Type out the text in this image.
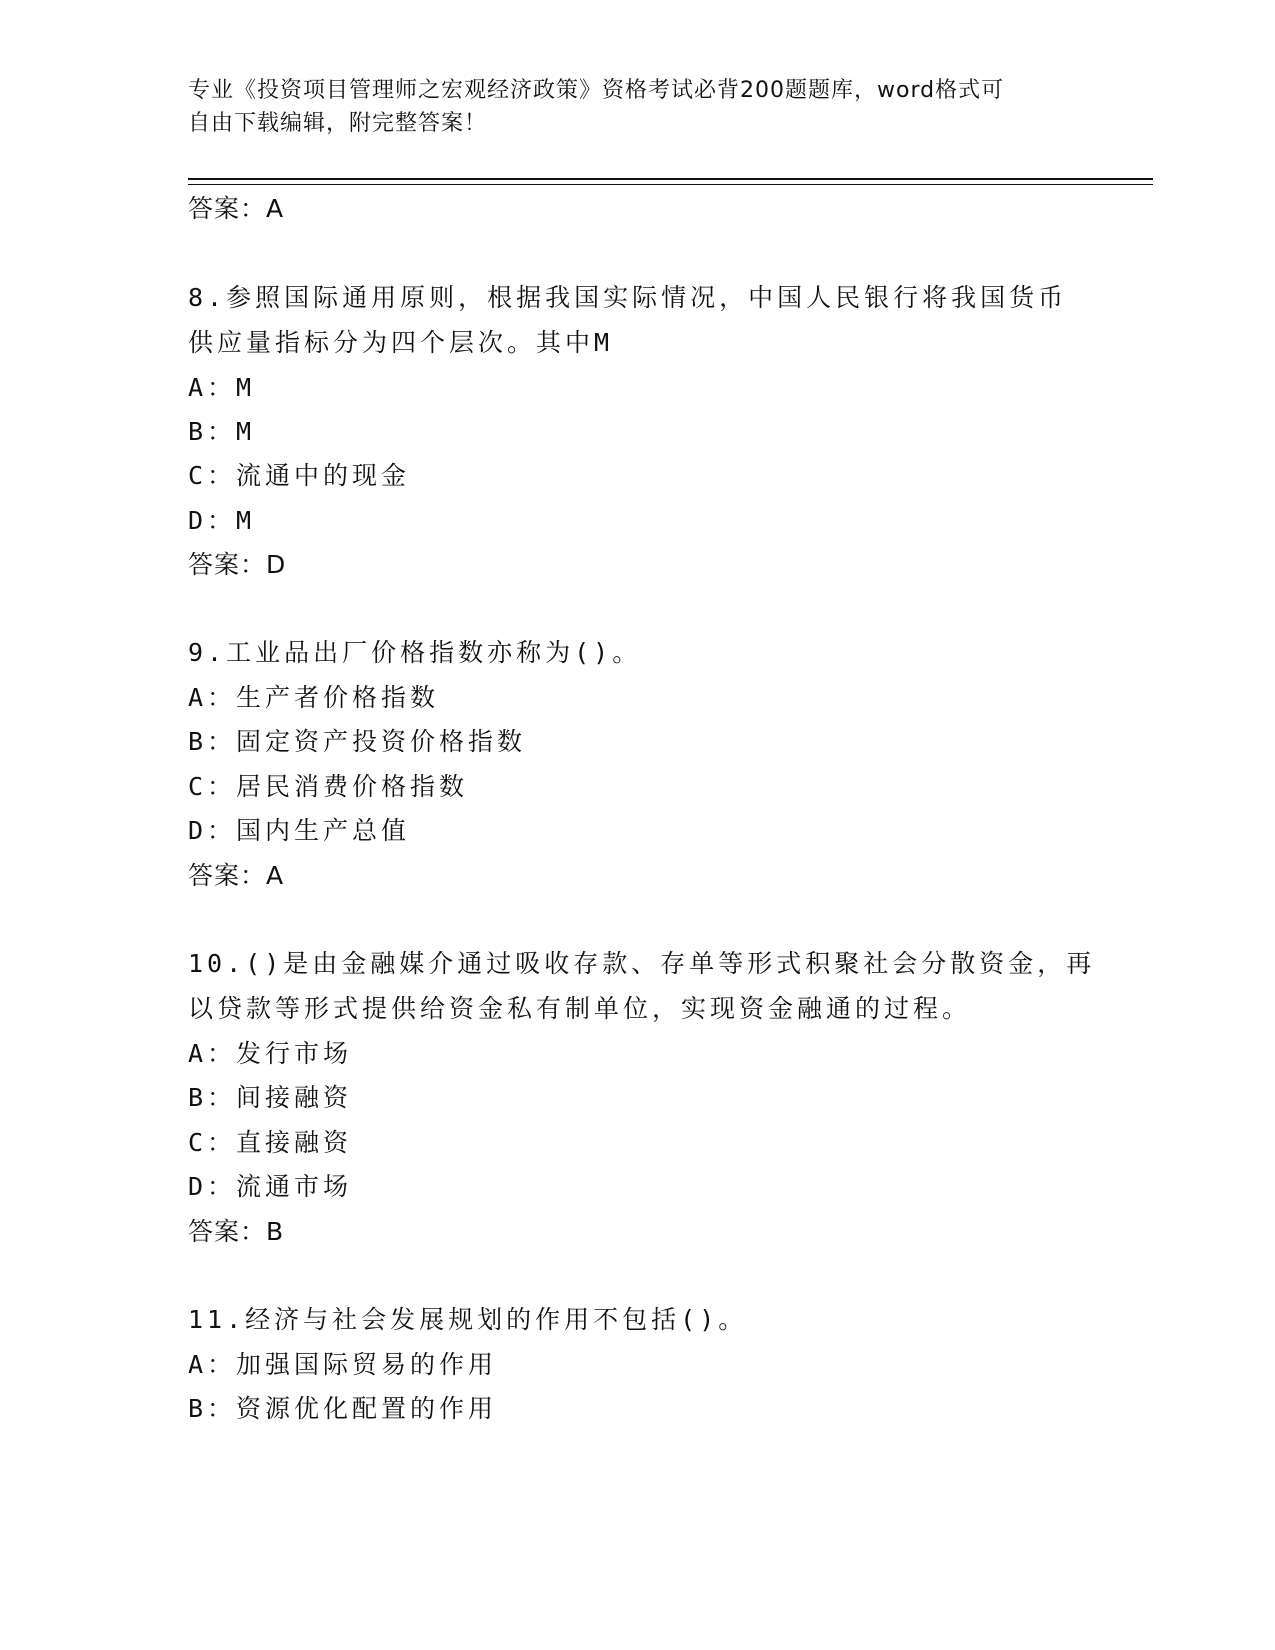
专业《投资项目管理师之宏观经济政策》资格考试必背200题题库，word格式可
自由下载编辑，附完整答案！
答案：A
8.参照国际通用原则，根据我国实际情况，中国人民银行将我国货币
供应量指标分为四个层次。其中M
A：M
B：M
C：流通中的现金
D：M
答案：D
9.工业品出厂价格指数亦称为()。
A：生产者价格指数
B：固定资产投资价格指数
C：居民消费价格指数
D：国内生产总值
答案：A
10.()是由金融媒介通过吸收存款、存单等形式积聚社会分散资金，再
以贷款等形式提供给资金私有制单位，实现资金融通的过程。
A：发行市场
B：间接融资
C：直接融资
D：流通市场
答案：B
11.经济与社会发展规划的作用不包括()。
A：加强国际贸易的作用
B：资源优化配置的作用
